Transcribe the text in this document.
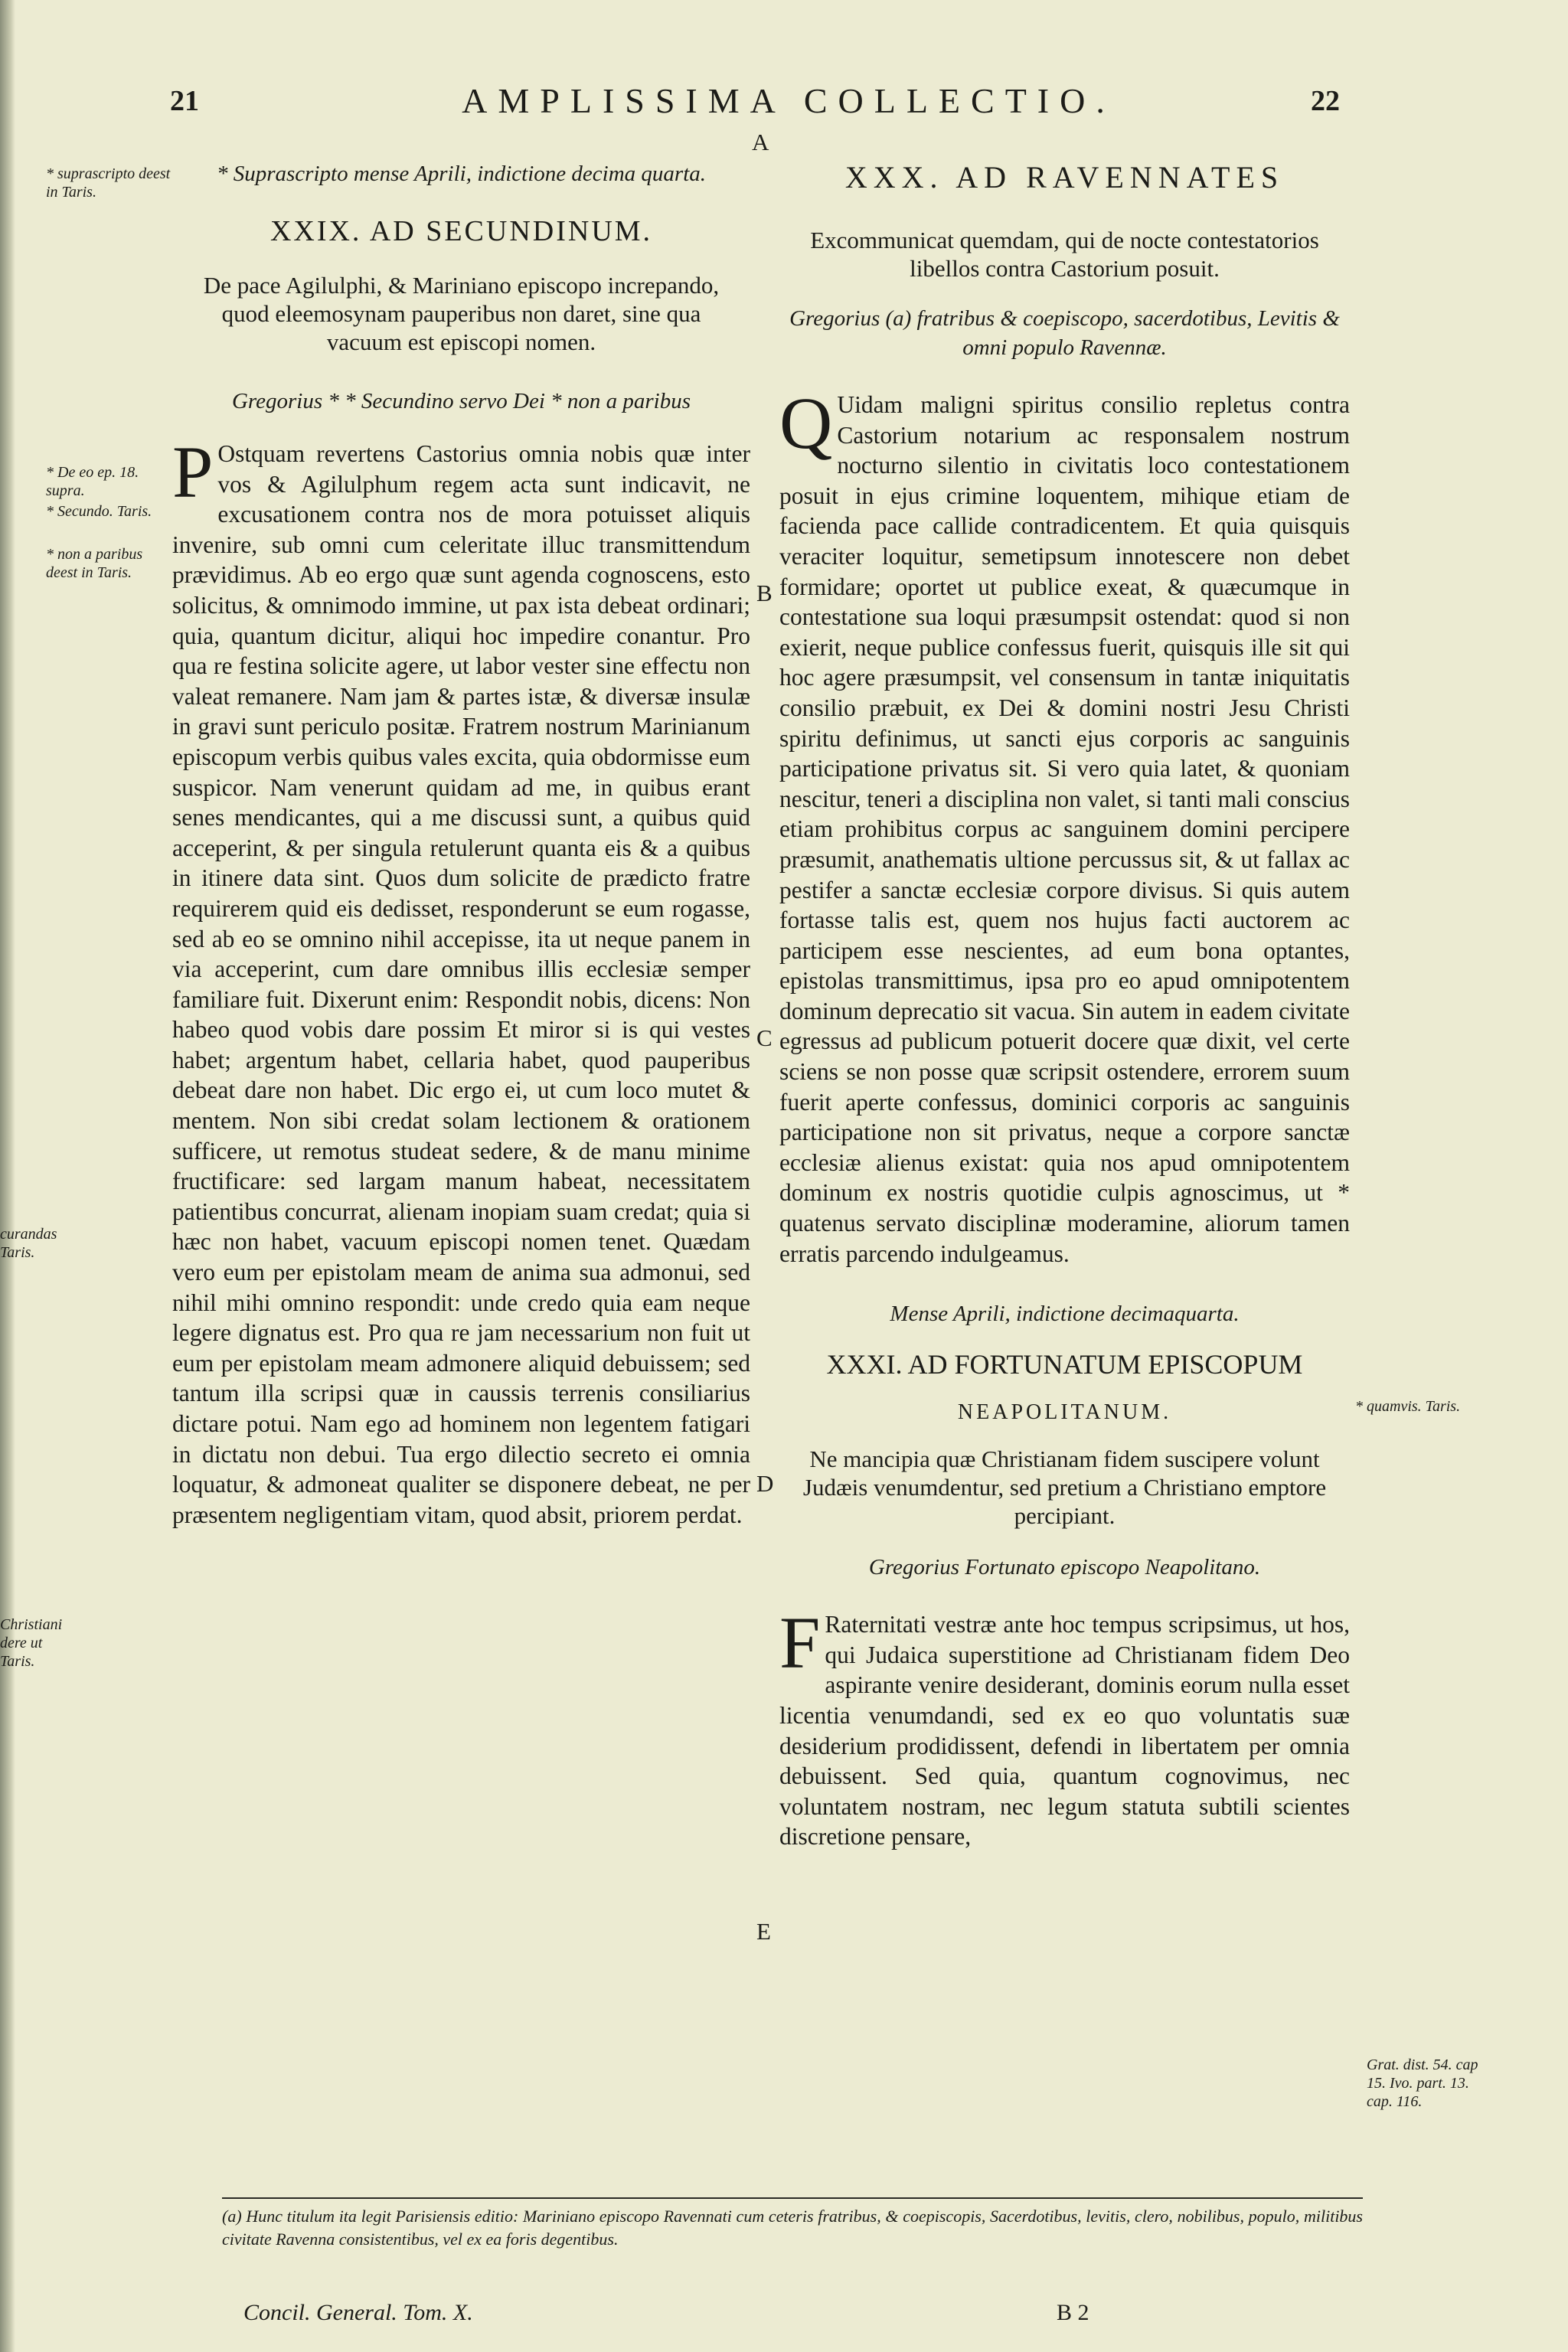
21	AMPLISSIMA COLLECTIO.	22
A
* suprascripto deest in Taris.
* De eo ep. 18. supra.
* Secundo. Taris.
* non a paribus deest in Taris.
curandas Taris.
Christiani dere ut Taris.
* quamvis. Taris.
Grat. dist. 54. cap 15. Ivo. part. 13. cap. 116.
B
C
D
E
* Suprascripto mense Aprili, indictione decima quarta.
XXIX. AD SECUNDINUM.
De pace Agilulphi, & Mariniano episcopo increpando, quod eleemosynam pauperibus non daret, sine qua vacuum est episcopi nomen.
Gregorius * * Secundino servo Dei * non a paribus
P Ostquam revertens Castorius omnia nobis quæ inter vos & Agilulphum regem acta sunt indicavit, ne excusationem contra nos de mora potuisset aliquis invenire, sub omni cum celeritate illuc transmittendum prævidimus. Ab eo ergo quæ sunt agenda cognoscens, esto solicitus, & omnimodo immine, ut pax ista debeat ordinari; quia, quantum dicitur, aliqui hoc impedire conantur. Pro qua re festina solicite agere, ut labor vester sine effectu non valeat remanere. Nam jam & partes istæ, & diversæ insulæ in gravi sunt periculo positæ. Fratrem nostrum Marinianum episcopum verbis quibus vales excita, quia obdormisse eum suspicor. Nam venerunt quidam ad me, in quibus erant senes mendicantes, qui a me discussi sunt, a quibus quid acceperint, & per singula retulerunt quanta eis & a quibus in itinere data sint. Quos dum solicite de prædicto fratre requirerem quid eis dedisset, responderunt se eum rogasse, sed ab eo se omnino nihil accepisse, ita ut neque panem in via acceperint, cum dare omnibus illis ecclesiæ semper familiare fuit. Dixerunt enim: Respondit nobis, dicens: Non habeo quod vobis dare possim Et miror si is qui vestes habet; argentum habet, cellaria habet, quod pauperibus debeat dare non habet. Dic ergo ei, ut cum loco mutet & mentem. Non sibi credat solam lectionem & orationem sufficere, ut remotus studeat sedere, & de manu minime fructificare: sed largam manum habeat, necessitatem patientibus concurrat, alienam inopiam suam credat; quia si hæc non habet, vacuum episcopi nomen tenet. Quædam vero eum per epistolam meam de anima sua admonui, sed nihil mihi omnino respondit: unde credo quia eam neque legere dignatus est. Pro qua re jam necessarium non fuit ut eum per epistolam meam admonere aliquid debuissem; sed tantum illa scripsi quæ in caussis terrenis consiliarius dictare potui. Nam ego ad hominem non legentem fatigari in dictatu non debui. Tua ergo dilectio secreto ei omnia loquatur, & admoneat qualiter se disponere debeat, ne per præsentem negligentiam vitam, quod absit, priorem perdat.
XXX. AD RAVENNATES
Excommunicat quemdam, qui de nocte contestatorios libellos contra Castorium posuit.
Gregorius (a) fratribus & coepiscopo, sacerdotibus, Levitis & omni populo Ravennæ.
Q Uidam maligni spiritus consilio repletus contra Castorium notarium ac responsalem nostrum nocturno silentio in civitatis loco contestationem posuit in ejus crimine loquentem, mihique etiam de facienda pace callide contradicentem. Et quia quisquis veraciter loquitur, semetipsum innotescere non debet formidare; oportet ut publice exeat, & quæcumque in contestatione sua loqui præsumpsit ostendat: quod si non exierit, neque publice confessus fuerit, quisquis ille sit qui hoc agere præsumpsit, vel consensum in tantæ iniquitatis consilio præbuit, ex Dei & domini nostri Jesu Christi spiritu definimus, ut sancti ejus corporis ac sanguinis participatione privatus sit. Si vero quia latet, & quoniam nescitur, teneri a disciplina non valet, si tanti mali conscius etiam prohibitus corpus ac sanguinem domini percipere præsumit, anathematis ultione percussus sit, & ut fallax ac pestifer a sanctæ ecclesiæ corpore divisus. Si quis autem fortasse talis est, quem nos hujus facti auctorem ac participem esse nescientes, ad eum bona optantes, epistolas transmittimus, ipsa pro eo apud omnipotentem dominum deprecatio sit vacua. Sin autem in eadem civitate egressus ad publicum potuerit docere quæ dixit, vel certe sciens se non posse quæ scripsit ostendere, errorem suum fuerit aperte confessus, dominici corporis ac sanguinis participatione non sit privatus, neque a corpore sanctæ ecclesiæ alienus existat: quia nos apud omnipotentem dominum ex nostris quotidie culpis agnoscimus, ut * quatenus servato disciplinæ moderamine, aliorum tamen erratis parcendo indulgeamus.
Mense Aprili, indictione decimaquarta.
XXXI. AD FORTUNATUM EPISCOPUM
NEAPOLITANUM.
Ne mancipia quæ Christianam fidem suscipere volunt Judæis venumdentur, sed pretium a Christiano emptore percipiant.
Gregorius Fortunato episcopo Neapolitano.
F Raternitati vestræ ante hoc tempus scripsimus, ut hos, qui Judaica superstitione ad Christianam fidem Deo aspirante venire desiderant, dominis eorum nulla esset licentia venumdandi, sed ex eo quo voluntatis suæ desiderium prodidissent, defendi in libertatem per omnia debuissent. Sed quia, quantum cognovimus, nec voluntatem nostram, nec legum statuta subtili scientes discretione pensare,
(a) Hunc titulum ita legit Parisiensis editio: Mariniano episcopo Ravennati cum ceteris fratribus, & coepiscopis, Sacerdotibus, levitis, clero, nobilibus, populo, militibus civitate Ravenna consistentibus, vel ex ea foris degentibus.
Concil. General. Tom. X.	B 2
